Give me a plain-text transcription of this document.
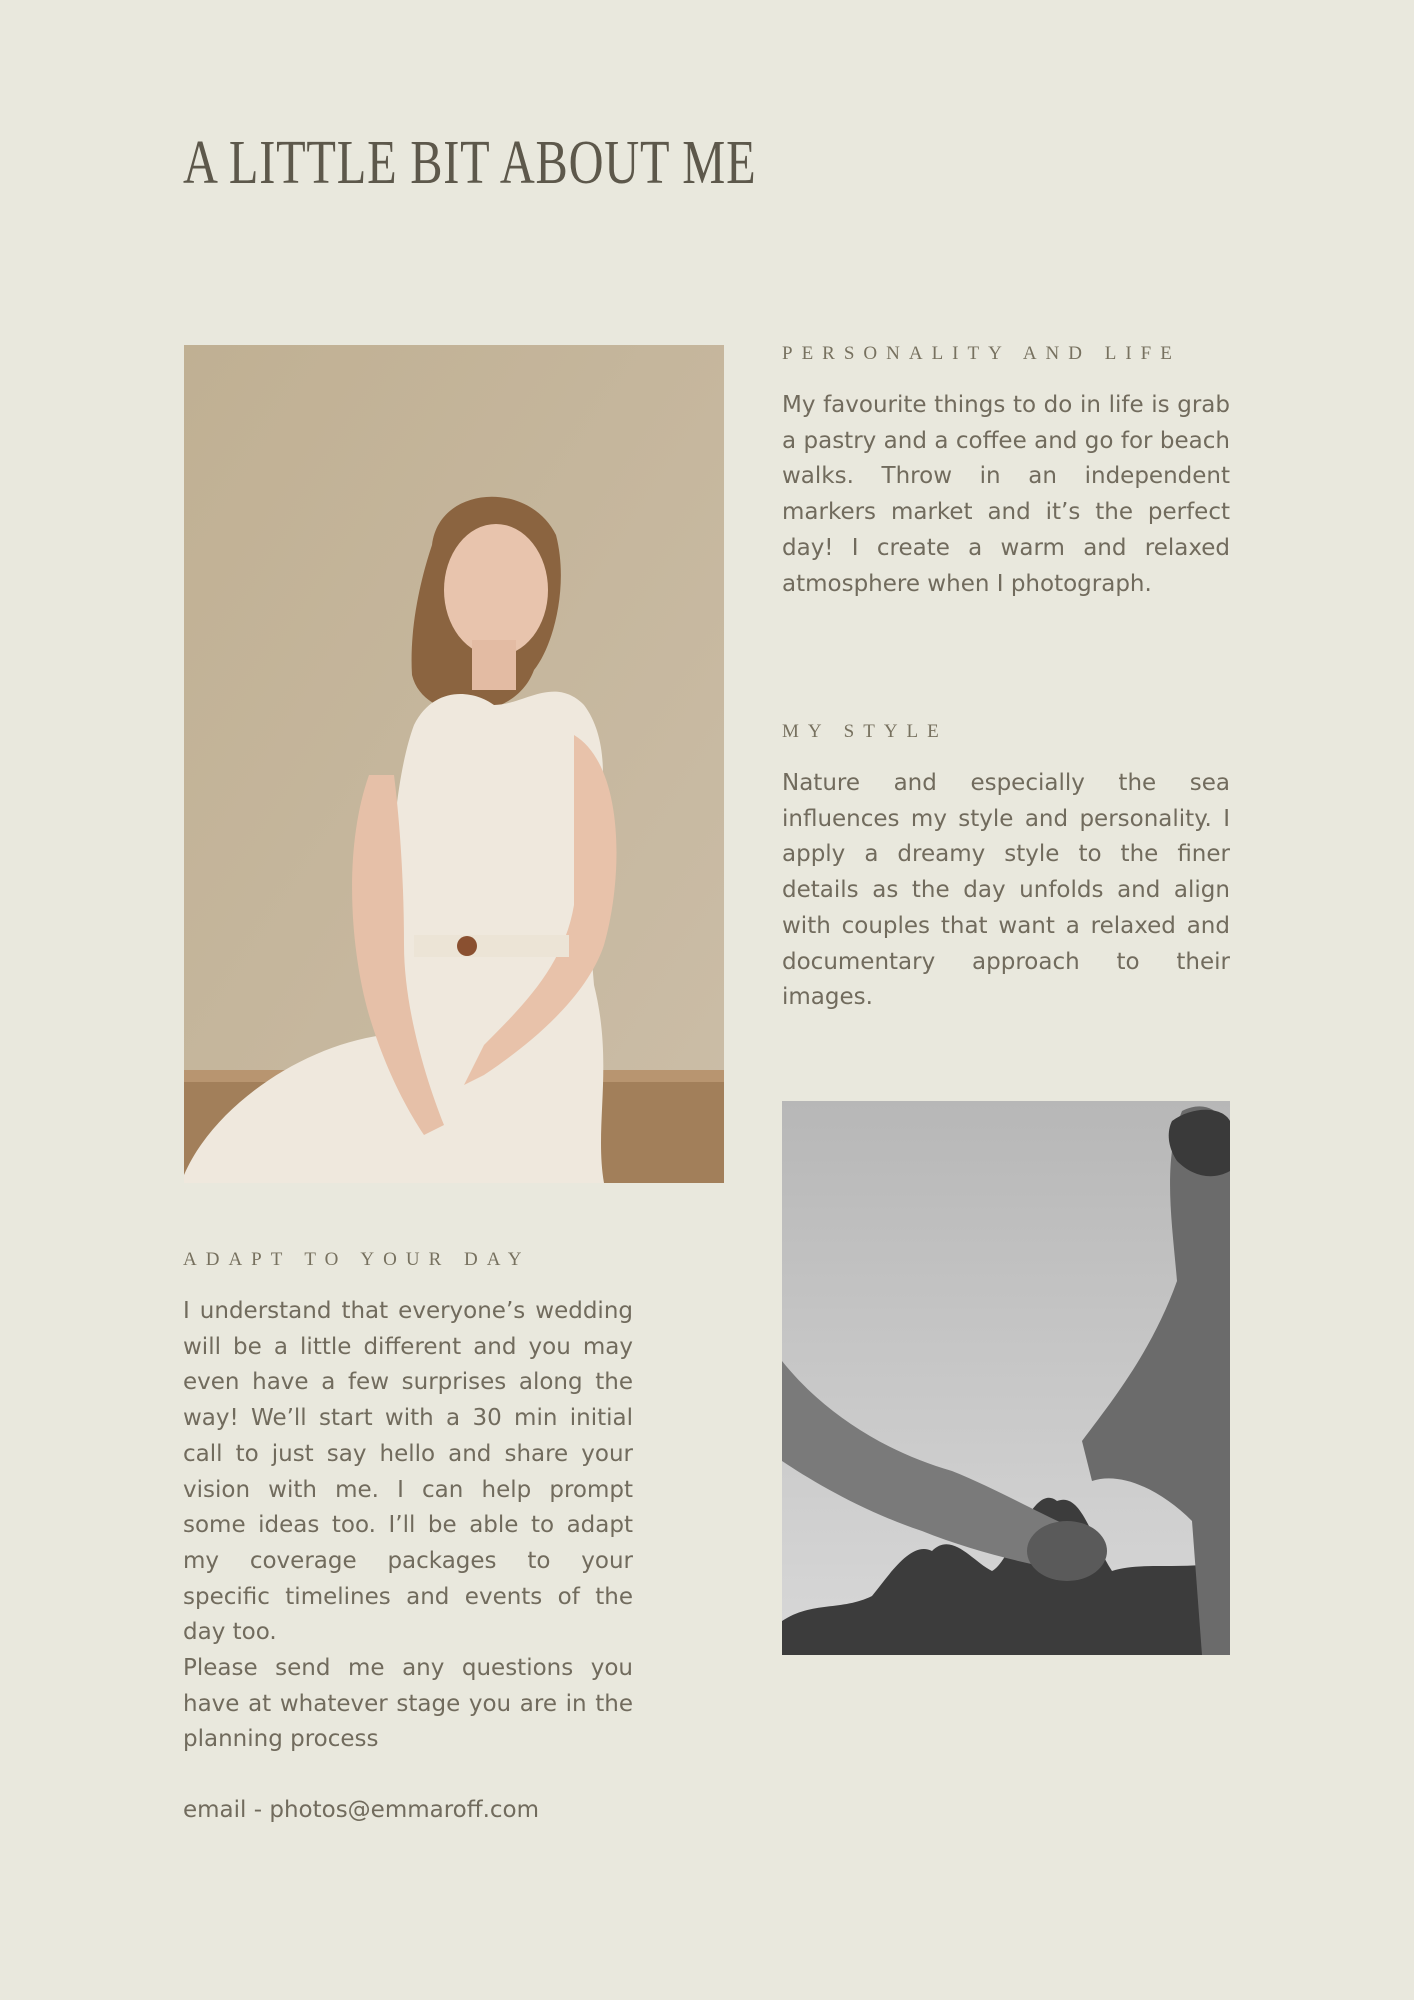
A LITTLE BIT ABOUT ME
PERSONALITY AND LIFE

My favourite things to do in life is grab a pastry and a coffee and go for beach walks. Throw in an independent markers market and it’s the perfect day! I create a warm and relaxed atmosphere when I photograph.

MY STYLE

Nature and especially the sea influences my style and personality. I apply a dreamy style to the finer details as the day unfolds and align with couples that want a relaxed and documentary approach to their images.

ADAPT TO YOUR DAY

I understand that everyone’s wedding will be a little different and you may even have a few surprises along the way! We’ll start with a 30 min initial call to just say hello and share your vision with me. I can help prompt some ideas too. I’ll be able to adapt my coverage packages to your specific timelines and events of the day too.

Please send me any questions you have at whatever stage you are in the planning process

email - photos@emmaroff.com
